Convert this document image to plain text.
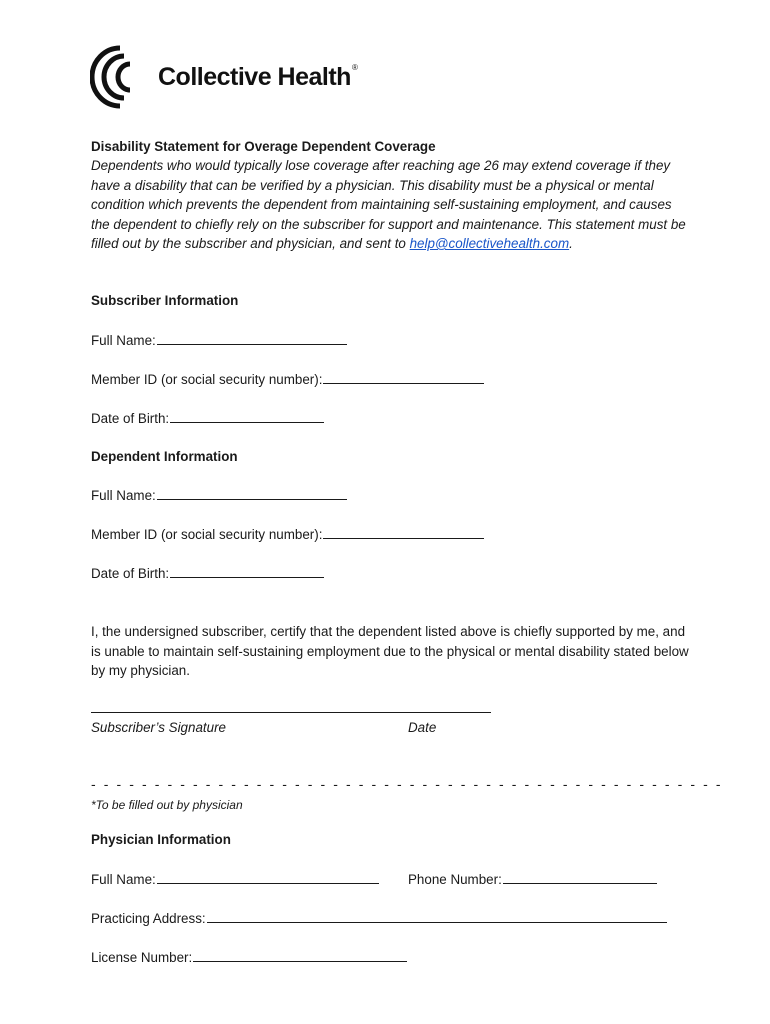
Collective Health®
Disability Statement for Overage Dependent Coverage
Dependents who would typically lose coverage after reaching age 26 may extend coverage if they have a disability that can be verified by a physician. This disability must be a physical or mental condition which prevents the dependent from maintaining self-sustaining employment, and causes the dependent to chiefly rely on the subscriber for support and maintenance. This statement must be filled out by the subscriber and physician, and sent to help@collectivehealth.com.
Subscriber Information
Full Name:
Member ID (or social security number):
Date of Birth:
Dependent Information
Full Name:
Member ID (or social security number):
Date of Birth:
I, the undersigned subscriber, certify that the dependent listed above is chiefly supported by me, and is unable to maintain self-sustaining employment due to the physical or mental disability stated below by my physician.
Subscriber’s Signature	Date
- - - - - - - - - - - - - - - - - - - - - - - - - - - - - - - - - - - - - - - - - - - - - - - - - -
*To be filled out by physician
Physician Information
Full Name:	Phone Number:
Practicing Address:
License Number:
